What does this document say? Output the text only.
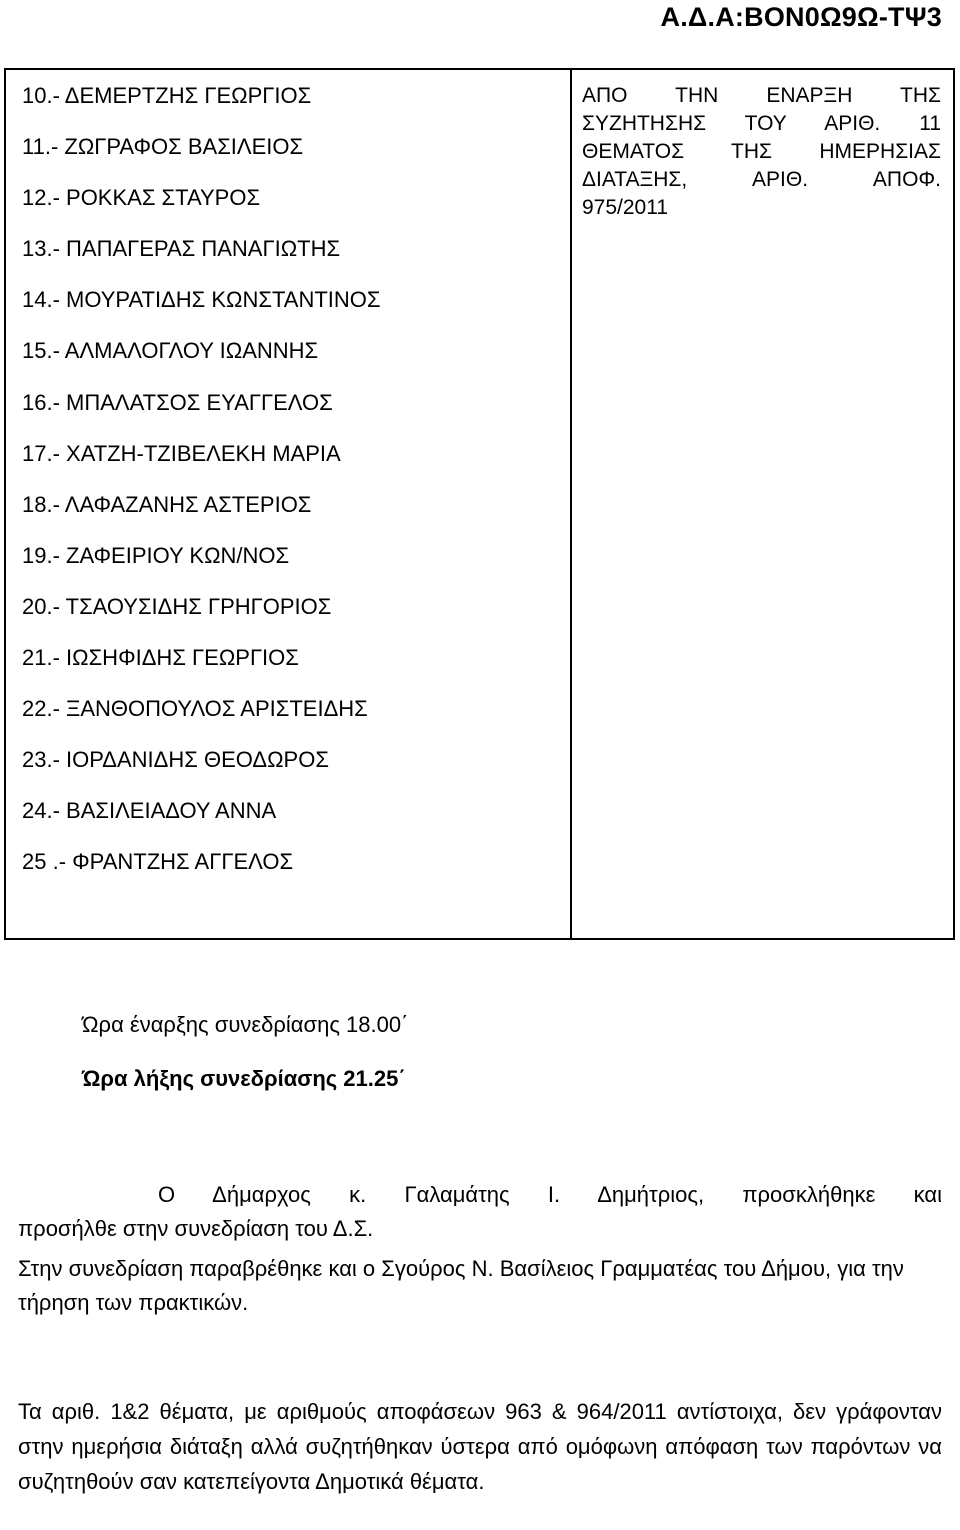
Α.Δ.Α:ΒΟΝ0Ω9Ω-ΤΨ3
10.- ΔΕΜΕΡΤΖΗΣ ΓΕΩΡΓΙΟΣ
11.- ΖΩΓΡΑΦΟΣ ΒΑΣΙΛΕΙΟΣ
12.- ΡΟΚΚΑΣ ΣΤΑΥΡΟΣ
13.- ΠΑΠΑΓΕΡΑΣ ΠΑΝΑΓΙΩΤΗΣ
14.- ΜΟΥΡΑΤΙΔΗΣ ΚΩΝΣΤΑΝΤΙΝΟΣ
15.- ΑΛΜΑΛΟΓΛΟΥ ΙΩΑΝΝΗΣ
16.- ΜΠΑΛΑΤΣΟΣ ΕΥΑΓΓΕΛΟΣ
17.- ΧΑΤΖΗ-ΤΖΙΒΕΛΕΚΗ ΜΑΡΙΑ
18.- ΛΑΦΑΖΑΝΗΣ ΑΣΤΕΡΙΟΣ
19.- ΖΑΦΕΙΡΙΟΥ ΚΩΝ/ΝΟΣ
20.- ΤΣΑΟΥΣΙΔΗΣ ΓΡΗΓΟΡΙΟΣ
21.- ΙΩΣΗΦΙΔΗΣ ΓΕΩΡΓΙΟΣ
22.- ΞΑΝΘΟΠΟΥΛΟΣ ΑΡΙΣΤΕΙΔΗΣ
23.- ΙΟΡΔΑΝΙΔΗΣ ΘΕΟΔΩΡΟΣ
24.- ΒΑΣΙΛΕΙΑΔΟΥ ΑΝΝΑ
25 .- ΦΡΑΝΤΖΗΣ ΑΓΓΕΛΟΣ
ΑΠΟ ΤΗΝ ΕΝΑΡΞΗ ΤΗΣ
ΣΥΖΗΤΗΣΗΣ ΤΟΥ ΑΡΙΘ. 11
ΘΕΜΑΤΟΣ ΤΗΣ ΗΜΕΡΗΣΙΑΣ
ΔΙΑΤΑΞΗΣ, ΑΡΙΘ. ΑΠΟΦ.
975/2011
Ώρα έναρξης συνεδρίασης 18.00΄
Ώρα λήξης συνεδρίασης 21.25΄
Ο Δήμαρχος κ. Γαλαμάτης Ι. Δημήτριος, προσκλήθηκε και
προσήλθε στην συνεδρίαση του Δ.Σ.
Στην συνεδρίαση παραβρέθηκε και ο Σγούρος Ν. Βασίλειος Γραμματέας του Δήμου, για την τήρηση των πρακτικών.
Τα αριθ. 1&2 θέματα, με αριθμούς αποφάσεων 963 & 964/2011 αντίστοιχα, δεν γράφονταν στην ημερήσια διάταξη αλλά συζητήθηκαν ύστερα από ομόφωνη απόφαση των παρόντων να συζητηθούν σαν κατεπείγοντα Δημοτικά θέματα.
